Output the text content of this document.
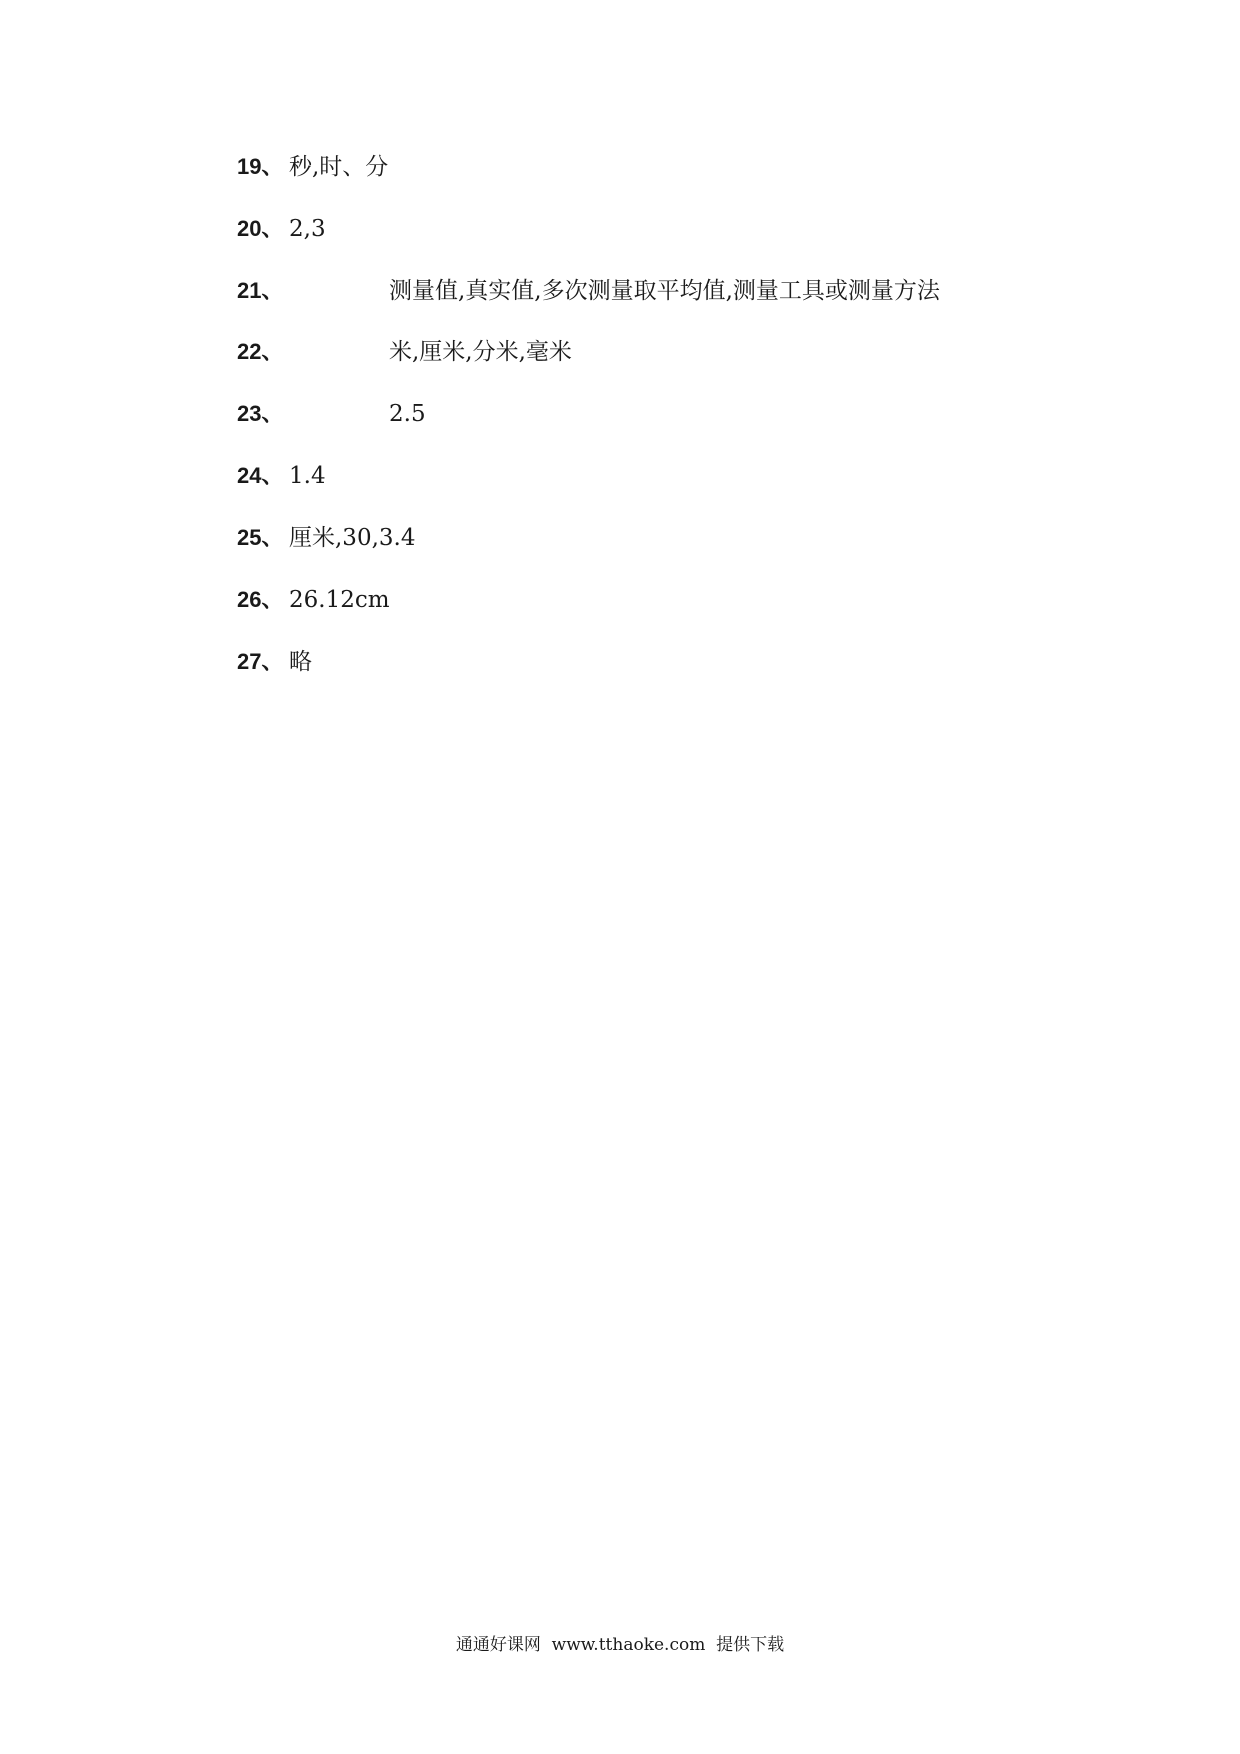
19、 秒,时、分
20、 2,3
21、	测量值,真实值,多次测量取平均值,测量工具或测量方法
22、	米,厘米,分米,毫米
23、	2.5
24、 1.4
25、 厘米,30,3.4
26、 26.12cm
27、 略
通通好课网  www.tthaoke.com  提供下载
